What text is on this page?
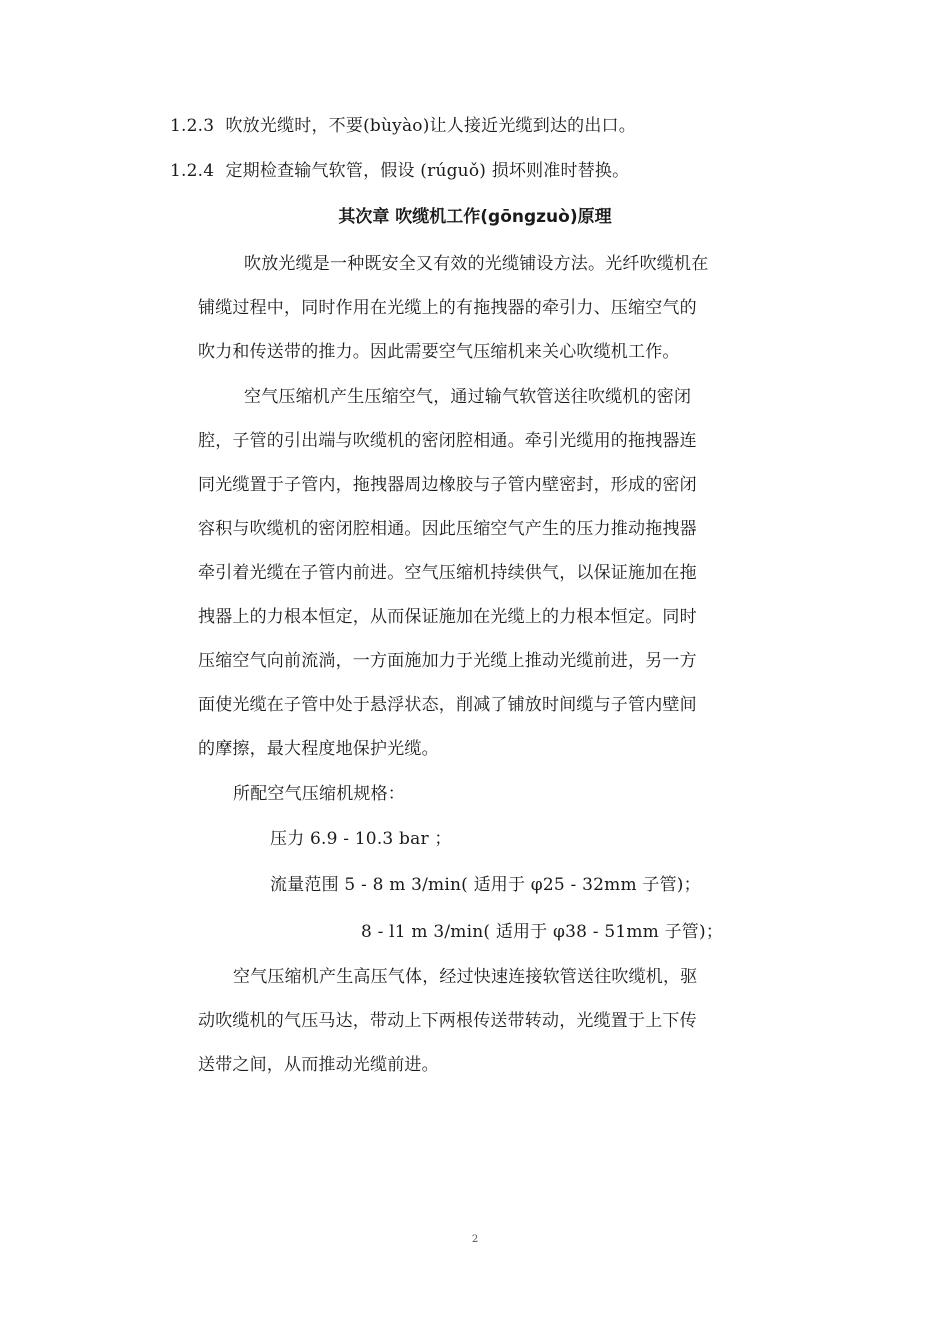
1.2.3 吹放光缆时，不要(bùyào)让人接近光缆到达的出口。
1.2.4 定期检查输气软管，假设 (rúguǒ) 损坏则准时替换。
其次章 吹缆机工作(gōngzuò)原理
吹放光缆是一种既安全又有效的光缆铺设方法。光纤吹缆机在
铺缆过程中，同时作用在光缆上的有拖拽器的牵引力、压缩空气的
吹力和传送带的推力。因此需要空气压缩机来关心吹缆机工作。
空气压缩机产生压缩空气，通过输气软管送往吹缆机的密闭
腔，子管的引出端与吹缆机的密闭腔相通。牵引光缆用的拖拽器连
同光缆置于子管内，拖拽器周边橡胶与子管内壁密封，形成的密闭
容积与吹缆机的密闭腔相通。因此压缩空气产生的压力推动拖拽器
牵引着光缆在子管内前进。空气压缩机持续供气，以保证施加在拖
拽器上的力根本恒定，从而保证施加在光缆上的力根本恒定。同时
压缩空气向前流淌，一方面施加力于光缆上推动光缆前进，另一方
面使光缆在子管中处于悬浮状态，削减了铺放时间缆与子管内壁间
的摩擦，最大程度地保护光缆。
所配空气压缩机规格：
压力 6.9 - 10.3 bar ；
流量范围 5 - 8 m 3/min( 适用于 φ25 - 32mm 子管)；
8 - l1 m 3/min( 适用于 φ38 - 51mm 子管)；
空气压缩机产生高压气体，经过快速连接软管送往吹缆机，驱
动吹缆机的气压马达，带动上下两根传送带转动，光缆置于上下传
送带之间，从而推动光缆前进。
2
